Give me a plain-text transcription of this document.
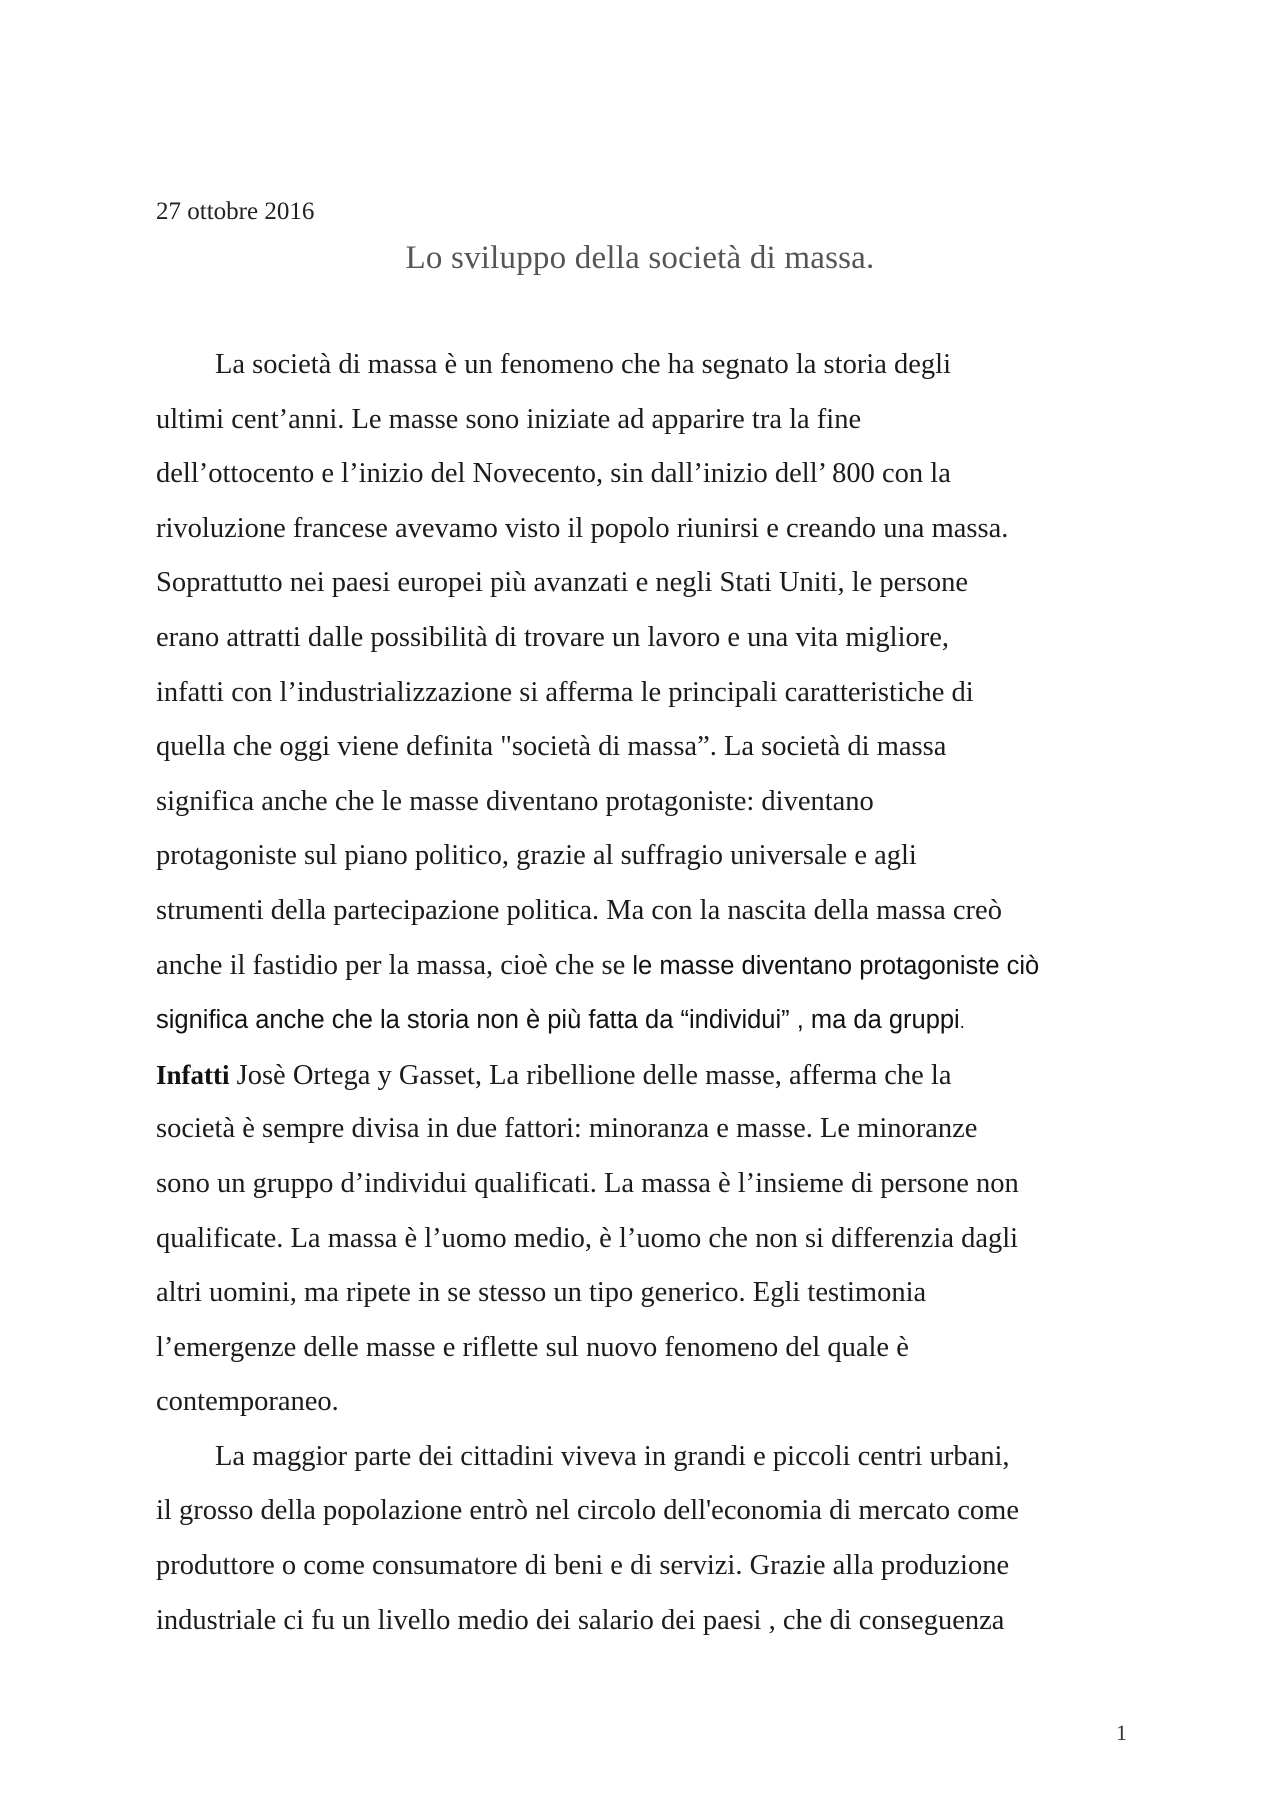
27 ottobre 2016
Lo sviluppo della società di massa.
La società di massa è un fenomeno che ha segnato la storia degli
ultimi cent’anni. Le masse sono iniziate ad apparire tra la fine
dell’ottocento e l’inizio del Novecento, sin dall’inizio dell’ 800 con la
rivoluzione francese avevamo visto il popolo riunirsi e creando una massa.
Soprattutto nei paesi europei più avanzati e negli Stati Uniti, le persone
erano attratti dalle possibilità di trovare un lavoro e una vita migliore,
infatti con l’industrializzazione si afferma le principali caratteristiche di
quella che oggi viene definita "società di massa”. La società di massa
significa anche che le masse diventano protagoniste: diventano
protagoniste sul piano politico, grazie al suffragio universale e agli
strumenti della partecipazione politica. Ma con la nascita della massa creò
anche il fastidio per la massa, cioè che se le masse diventano protagoniste ciò
significa anche che la storia non è più fatta da “individui” , ma da gruppi.
Infatti Josè Ortega y Gasset, La ribellione delle masse, afferma che la
società è sempre divisa in due fattori: minoranza e masse. Le minoranze
sono un gruppo d’individui qualificati. La massa è l’insieme di persone non
qualificate. La massa è l’uomo medio, è l’uomo che non si differenzia dagli
altri uomini, ma ripete in se stesso un tipo generico. Egli testimonia
l’emergenze delle masse e riflette sul nuovo fenomeno del quale è
contemporaneo.
La maggior parte dei cittadini viveva in grandi e piccoli centri urbani,
il grosso della popolazione entrò nel circolo dell'economia di mercato come
produttore o come consumatore di beni e di servizi. Grazie alla produzione
industriale ci fu un livello medio dei salario dei paesi , che di conseguenza
1
